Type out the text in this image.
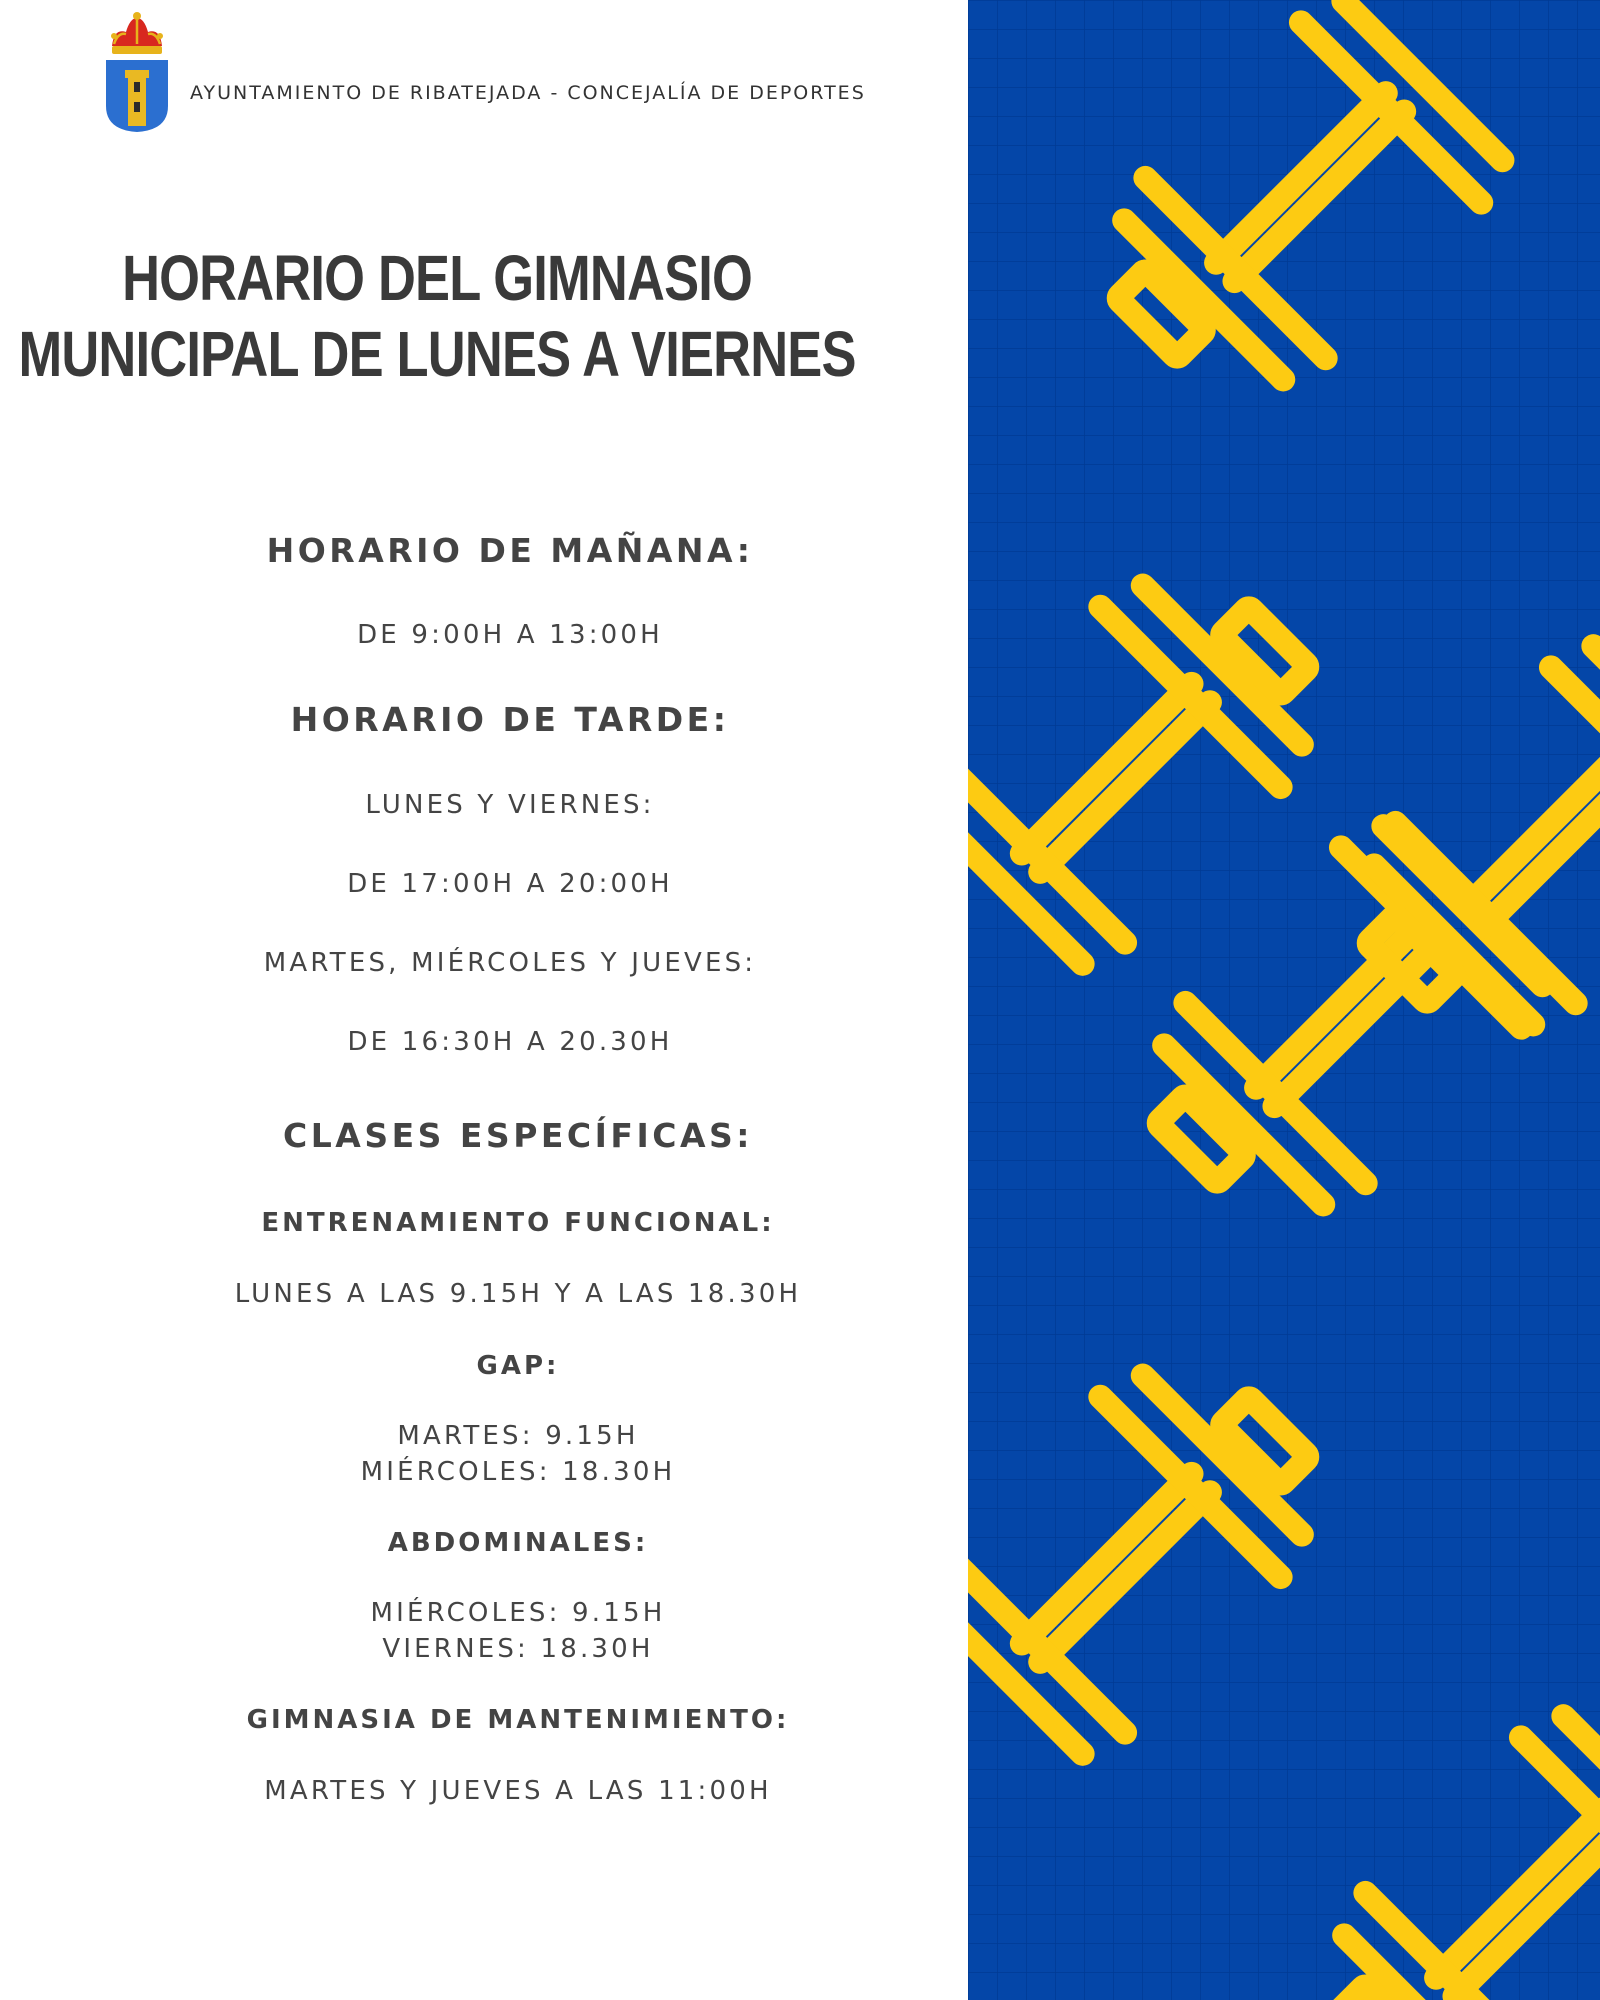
AYUNTAMIENTO DE RIBATEJADA - CONCEJALÍA DE DEPORTES
HORARIO DEL GIMNASIO
MUNICIPAL DE LUNES A VIERNES
HORARIO DE MAÑANA:
DE 9:00H A 13:00H
HORARIO DE TARDE:
LUNES Y VIERNES:
DE 17:00H A 20:00H
MARTES, MIÉRCOLES Y JUEVES:
DE 16:30H A 20.30H
CLASES ESPECÍFICAS:
ENTRENAMIENTO FUNCIONAL:
LUNES A LAS 9.15H Y A LAS 18.30H
GAP:
MARTES: 9.15H
MIÉRCOLES: 18.30H
ABDOMINALES:
MIÉRCOLES: 9.15H
VIERNES: 18.30H
GIMNASIA DE MANTENIMIENTO:
MARTES Y JUEVES A LAS 11:00H
